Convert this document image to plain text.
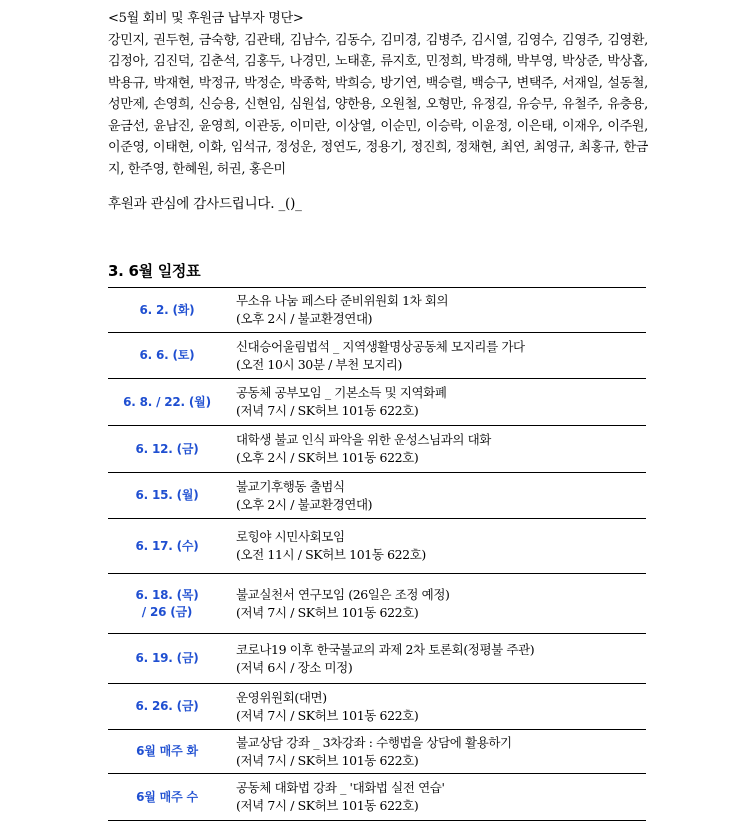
<5월 회비 및 후원금 납부자 명단>
강민지, 권두현, 금숙향, 김관태, 김남수, 김동수, 김미경, 김병주, 김시열, 김영수, 김영주, 김영환, 김정아, 김진덕, 김춘석, 김홍두, 나경민, 노태훈, 류지호, 민정희, 박경해, 박부영, 박상준, 박상홉, 박용규, 박재현, 박정규, 박정순, 박종학, 박희승, 방기연, 백승렬, 백승구, 변택주, 서재일, 설동철, 성만제, 손영희, 신승용, 신현임, 심원섭, 양한용, 오원철, 오형만, 유정길, 유승무, 유철주, 유충용, 윤금선, 윤남진, 윤영희, 이관동, 이미란, 이상열, 이순민, 이승락, 이윤정, 이은태, 이재우, 이주원, 이준영, 이태현, 이화, 임석규, 정성운, 정연도, 정용기, 정진희, 정채현, 최연, 최영규, 최홍규, 한금지, 한주영, 한혜원, 허권, 홍은미
후원과 관심에 감사드립니다. _()_
3. 6월 일정표
6. 2. (화)
무소유 나눔 페스타 준비위원회 1차 회의
(오후 2시 / 불교환경연대)
6. 6. (토)
신대승어울림법석 _ 지역생활명상공동체 모지리를 가다
(오전 10시 30분 / 부천 모지리)
6. 8. / 22. (월)
공동체 공부모임 _ 기본소득 및 지역화폐
(저녁 7시 / SK허브 101동 622호)
6. 12. (금)
대학생 불교 인식 파악을 위한 운성스님과의 대화
(오후 2시 / SK허브 101동 622호)
6. 15. (월)
불교기후행동 출범식
(오후 2시 / 불교환경연대)
6. 17. (수)
로힝야 시민사회모임
(오전 11시 / SK허브 101동 622호)
6. 18. (목)
/ 26 (금)
불교실천서 연구모임 (26일은 조정 예정)
(저녁 7시 / SK허브 101동 622호)
6. 19. (금)
코로나19 이후 한국불교의 과제 2차 토론회(정평불 주관)
(저녁 6시 / 장소 미정)
6. 26. (금)
운영위원회(대면)
(저녁 7시 / SK허브 101동 622호)
6월 매주 화
불교상담 강좌 _ 3차강좌 : 수행법을 상담에 활용하기
(저녁 7시 / SK허브 101동 622호)
6월 매주 수
공동체 대화법 강좌 _ '대화법 실전 연습'
(저녁 7시 / SK허브 101동 622호)
